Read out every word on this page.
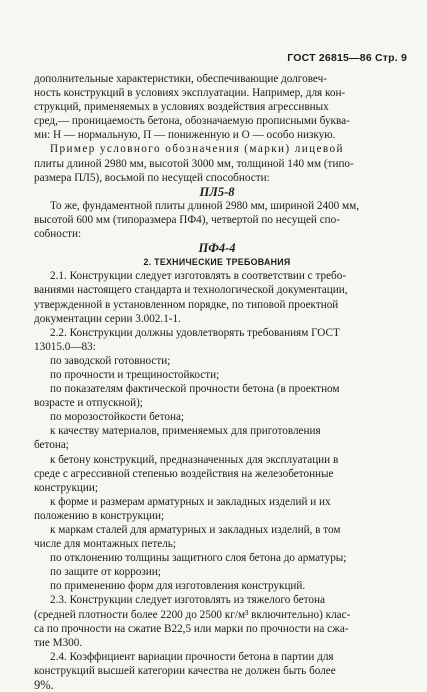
ГОСТ 26815—86 Стр. 9

дополнительные характеристики, обеспечивающие долговеч-

ность конструкций в условиях эксплуатации. Например, для кон-

струкций, применяемых в условиях воздействия агрессивных

сред,— проницаемость бетона, обозначаемую прописными буква-

ми: Н — нормальную, П — пониженную и О — особо низкую.

Пример условного обозначения (марки) лицевой

плиты длиной 2980 мм, высотой 3000 мм, толщиной 140 мм (типо-

размера ПЛ5), восьмой по несущей способности:

ПЛ5-8

То же, фундаментной плиты длиной 2980 мм, шириной 2400 мм,

высотой 600 мм (типоразмера ПФ4), четвертой по несущей спо-

собности:

ПФ4-4

2. ТЕХНИЧЕСКИЕ ТРЕБОВАНИЯ

2.1. Конструкции следует изготовлять в соответствии с требо-

ваниями настоящего стандарта и технологической документации,

утвержденной в установленном порядке, по типовой проектной

документации серии 3.002.1-1.

2.2. Конструкции должны удовлетворять требованиям ГОСТ

13015.0—83:

по заводской готовности;

по прочности и трещиностойкости;

по показателям фактической прочности бетона (в проектном

возрасте и отпускной);

по морозостойкости бетона;

к качеству материалов, применяемых для приготовления

бетона;

к бетону конструкций, предназначенных для эксплуатации в

среде с агрессивной степенью воздействия на железобетонные

конструкции;

к форме и размерам арматурных и закладных изделий и их

положению в конструкции;

к маркам сталей для арматурных и закладных изделий, в том

числе для монтажных петель;

по отклонению толщины защитного слоя бетона до арматуры;

по защите от коррозии;

по применению форм для изготовления конструкций.

2.3. Конструкции следует изготовлять из тяжелого бетона

(средней плотности более 2200 до 2500 кг/м³ включительно) клас-

са по прочности на сжатие В22,5 или марки по прочности на сжа-

тие М300.

2.4. Коэффициент вариации прочности бетона в партии для

конструкций высшей категории качества не должен быть более

9%.
